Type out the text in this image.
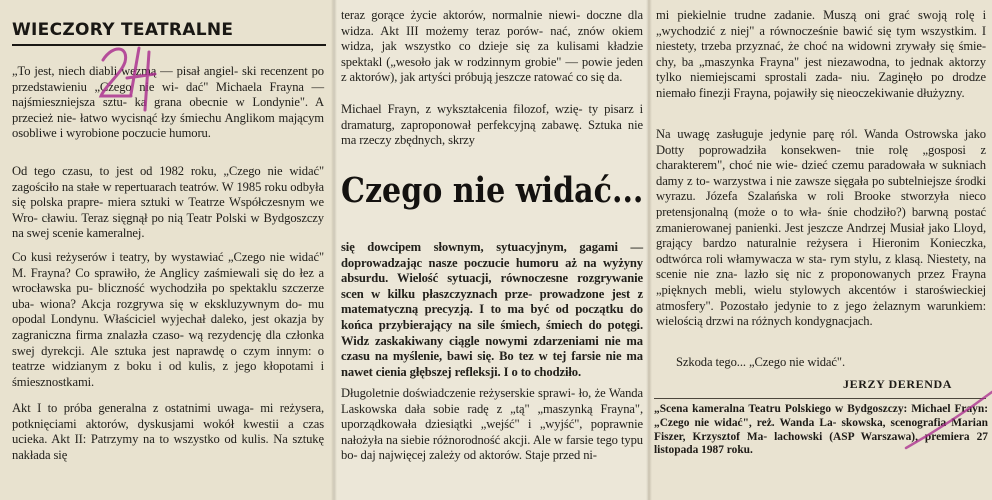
WIECZORY TEATRALNE

„To jest, niech diabli wezmą — pisał angiel- ski recenzent po przedstawieniu „Czego nie wi- dać" Michaela Frayna — najśmieszniejsza sztu- ka grana obecnie w Londynie". A przecież nie- łatwo wycisnąć łzy śmiechu Anglikom mającym osobliwe i wyrobione poczucie humoru.

Od tego czasu, to jest od 1982 roku, „Czego nie widać" zagościło na stałe w repertuarach teatrów. W 1985 roku odbyła się polska prapre- miera sztuki w Teatrze Współczesnym we Wro- cławiu. Teraz sięgnął po nią Teatr Polski w Bydgoszczy na swej scenie kameralnej.

Co kusi reżyserów i teatry, by wystawiać „Czego nie widać" M. Frayna? Co sprawiło, że Anglicy zaśmiewali się do łez a wrocławska pu- bliczność wychodziła po spektaklu szczerze uba- wiona? Akcja rozgrywa się w ekskluzywnym do- mu opodal Londynu. Właściciel wyjechał daleko, jest okazja by zagraniczna firma znalazła czaso- wą rezydencję dla członka swej dyrekcji. Ale sztuka jest naprawdę o czym innym: o teatrze widzianym z boku i od kulis, z jego kłopotami i śmiesznostkami.

Akt I to próba generalna z ostatnimi uwaga- mi reżysera, potknięciami aktorów, dyskusjami wokół kwestii a czas ucieka. Akt II: Patrzymy na to wszystko od kulis. Na sztukę nakłada się

teraz gorące życie aktorów, normalnie niewi- doczne dla widza. Akt III możemy teraz porów- nać, znów okiem widza, jak wszystko co dzieje się za kulisami kładzie spektakl („wesoło jak w rodzinnym grobie" — powie jeden z aktorów), jak artyści próbują jeszcze ratować co się da.

Michael Frayn, z wykształcenia filozof, wzię- ty pisarz i dramaturg, zaproponował perfekcyjną zabawę. Sztuka nie ma rzeczy zbędnych, skrzy

Czego nie widać...

się dowcipem słownym, sytuacyjnym, gagami — doprowadzając nasze poczucie humoru aż na wyżyny absurdu. Wielość sytuacji, równoczesne rozgrywanie scen w kilku płaszczyznach prze- prowadzone jest z matematyczną precyzją. I to ma być od początku do końca przybierający na sile śmiech, śmiech do potęgi. Widz zaskakiwany ciągle nowymi zdarzeniami nie ma czasu na myślenie, bawi się. Bo tez w tej farsie nie ma nawet cienia głębszej refleksji. I o to chodziło.

Długoletnie doświadczenie reżyserskie sprawi- ło, że Wanda Laskowska dała sobie radę z „tą" „maszynką Frayna", uporządkowała dziesiątki „wejść" i „wyjść", poprawnie nałożyła na siebie różnorodność akcji. Ale w farsie tego typu bo- daj najwięcej zależy od aktorów. Staje przed ni-

mi piekielnie trudne zadanie. Muszą oni grać swoją rolę i „wychodzić z niej" a równocześnie bawić się tym wszystkim. I niestety, trzeba przyznać, że choć na widowni zrywały się śmie- chy, ba „maszynka Frayna" jest niezawodna, to jednak aktorzy tylko niemiejscami sprostali zada- niu. Zaginęło po drodze niemało finezji Frayna, pojawiły się nieoczekiwanie dłużyzny.

Na uwagę zasługuje jedynie parę ról. Wanda Ostrowska jako Dotty poprowadziła konsekwen- tnie rolę „gosposi z charakterem", choć nie wie- dzieć czemu paradowała w sukniach damy z to- warzystwa i nie zawsze sięgała po subtelniejsze środki wyrazu. Józefa Szalańska w roli Brooke stworzyła nieco pretensjonalną (może o to wła- śnie chodziło?) barwną postać zmanierowanej panienki. Jest jeszcze Andrzej Musiał jako Lloyd, grający bardzo naturalnie reżysera i Hieronim Konieczka, odtwórca roli włamywacza w sta- rym stylu, z klasą. Niestety, na scenie nie zna- lazło się nic z proponowanych przez Frayna „pięknych mebli, wielu stylowych akcentów i staroświeckiej atmosfery". Pozostało jedynie to z jego żelaznym warunkiem: wielością drzwi na różnych kondygnacjach.

Szkoda tego... „Czego nie widać".

JERZY DERENDA

„Scena kameralna Teatru Polskiego w Bydgoszczy: Michael Frayn: „Czego nie widać", reż. Wanda La- skowska, scenografia Marian Fiszer, Krzysztof Ma- lachowski (ASP Warszawa), premiera 27 listopada 1987 roku.
